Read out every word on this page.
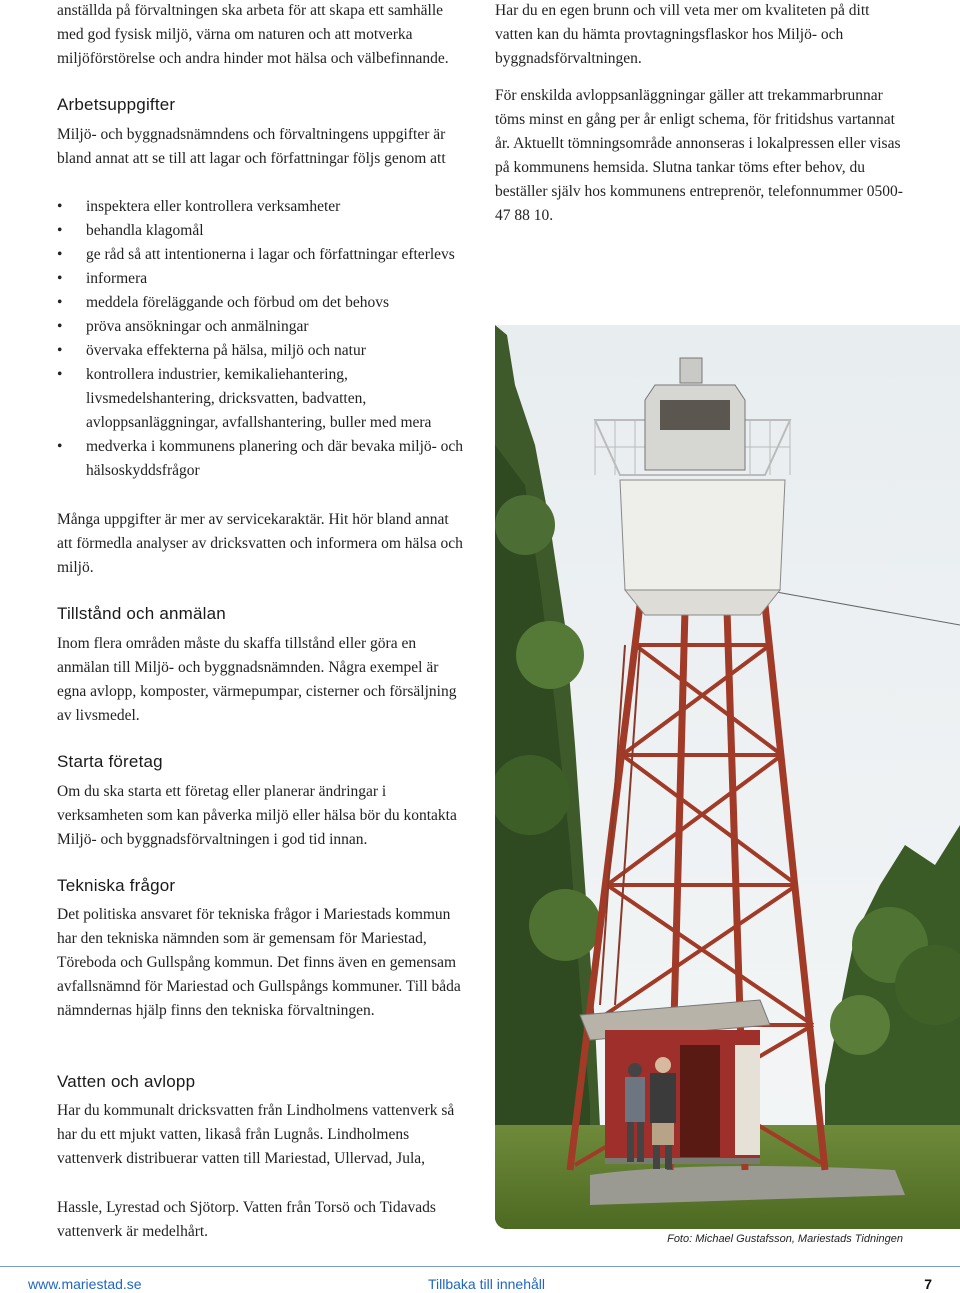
anställda på förvaltningen ska arbeta för att skapa ett samhälle med god fysisk miljö, värna om naturen och att motverka miljöförstörelse och andra hinder mot hälsa och välbefinnande.

Arbetsuppgifter

Miljö- och byggnadsnämndens och förvaltningens uppgifter är bland annat att se till att lagar och författningar följs genom att

• inspektera eller kontrollera verksamheter
• behandla klagomål
• ge råd så att intentionerna i lagar och författningar efterlevs
• informera
• meddela föreläggande och förbud om det behovs
• pröva ansökningar och anmälningar
• övervaka effekterna på hälsa, miljö och natur
• kontrollera industrier, kemikaliehantering, livsmedelshantering, dricksvatten, badvatten, avloppsanläggningar, avfallshantering, buller med mera
• medverka i kommunens planering och där bevaka miljö- och hälsoskyddsfrågor

Många uppgifter är mer av servicekaraktär. Hit hör bland annat att förmedla analyser av dricksvatten och informera om hälsa och miljö.

Tillstånd och anmälan

Inom flera områden måste du skaffa tillstånd eller göra en anmälan till Miljö- och byggnadsnämnden. Några exempel är egna avlopp, komposter, värmepumpar, cisterner och försäljning av livsmedel.

Starta företag

Om du ska starta ett företag eller planerar ändringar i verksamheten som kan påverka miljö eller hälsa bör du kontakta Miljö- och byggnadsförvaltningen i god tid innan.

Tekniska frågor

Det politiska ansvaret för tekniska frågor i Mariestads kommun har den tekniska nämnden som är gemensam för Mariestad, Töreboda och Gullspång kommun. Det finns även en gemensam avfallsnämnd för Mariestad och Gullspångs kommuner. Till båda nämndernas hjälp finns den tekniska förvaltningen.

Vatten och avlopp

Har du kommunalt dricksvatten från Lindholmens vattenverk så har du ett mjukt vatten, likaså från Lugnås. Lindholmens vattenverk distribuerar vatten till Mariestad, Ullervad, Jula,

Hassle, Lyrestad och Sjötorp. Vatten från Torsö och Tidavads vattenverk är medelhårt.

Har du en egen brunn och vill veta mer om kvaliteten på ditt vatten kan du hämta provtagningsflaskor hos Miljö- och byggnadsförvaltningen.

För enskilda avloppsanläggningar gäller att trekammarbrunnar töms minst en gång per år enligt schema, för fritidshus vartannat år. Aktuellt tömningsområde annonseras i lokalpressen eller visas på kommunens hemsida. Slutna tankar töms efter behov, du beställer själv hos kommunens entreprenör, telefonnummer 0500-47 88 10.

Foto: Michael Gustafsson, Mariestads Tidningen
www.mariestad.se	Tillbaka till innehåll	7
